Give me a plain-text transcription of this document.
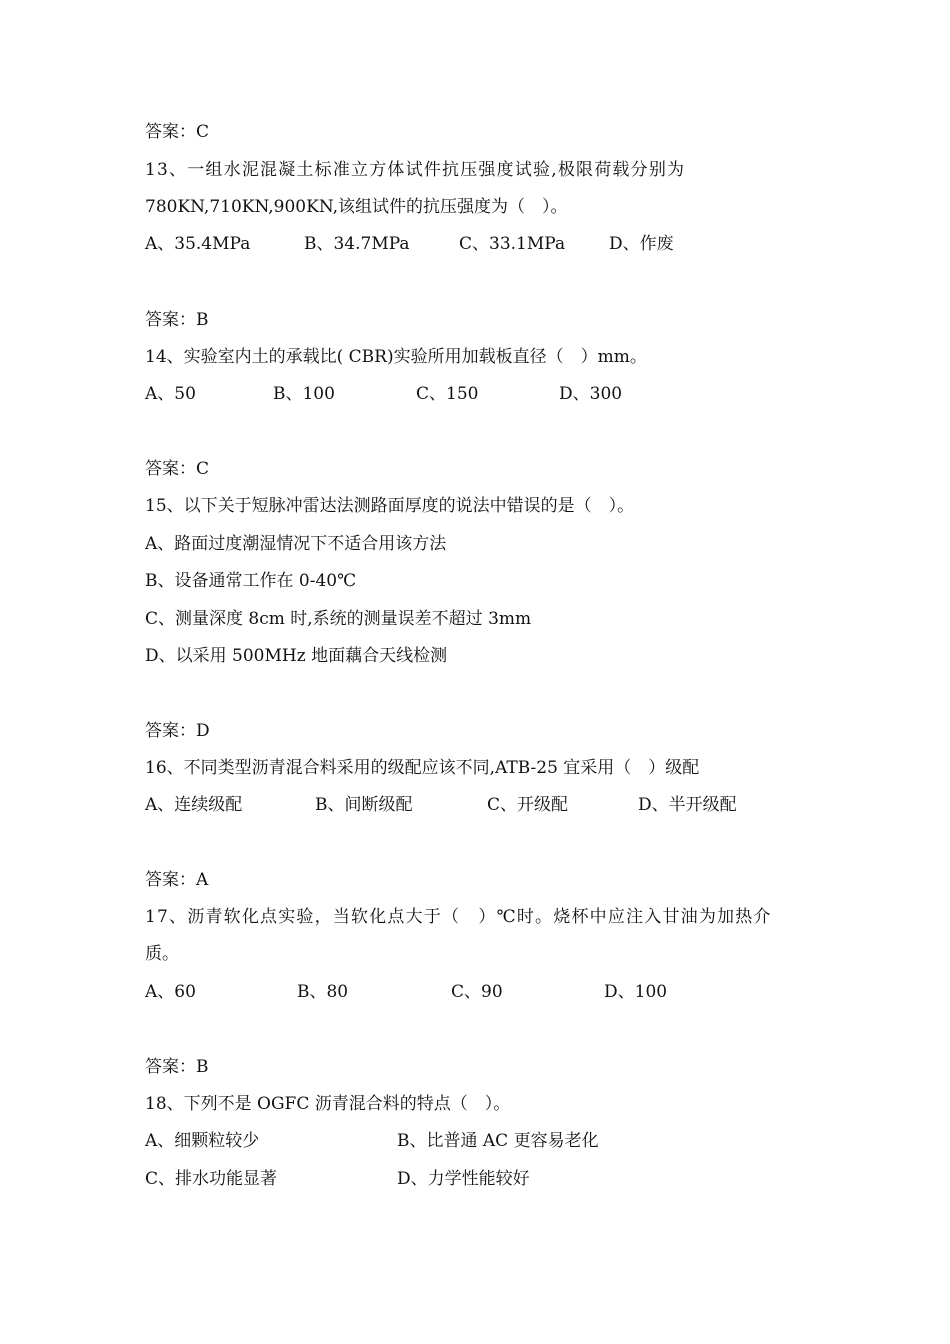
答案：C
13、一组水泥混凝土标准立方体试件抗压强度试验,极限荷载分别为
780KN,710KN,900KN,该组试件的抗压强度为（　）。
A、35.4MPa	B、34.7MPa	C、33.1MPa	D、作废
答案：B
14、实验室内土的承载比( CBR)实验所用加载板直径（　）mm。
A、50	B、100	C、150	D、300
答案：C
15、以下关于短脉冲雷达法测路面厚度的说法中错误的是（　）。
A、路面过度潮湿情况下不适合用该方法
B、设备通常工作在 0-40℃
C、测量深度 8cm 时,系统的测量误差不超过 3mm
D、以采用 500MHz 地面藕合天线检测
答案：D
16、不同类型沥青混合料采用的级配应该不同,ATB-25 宜采用（　）级配
A、连续级配	B、间断级配	C、开级配	D、半开级配
答案：A
17、沥青软化点实验，当软化点大于（　）℃时。烧杯中应注入甘油为加热介
质。
A、60	B、80	C、90	D、100
答案：B
18、下列不是 OGFC 沥青混合料的特点（　）。
A、细颗粒较少	B、比普通 AC 更容易老化
C、排水功能显著	D、力学性能较好
